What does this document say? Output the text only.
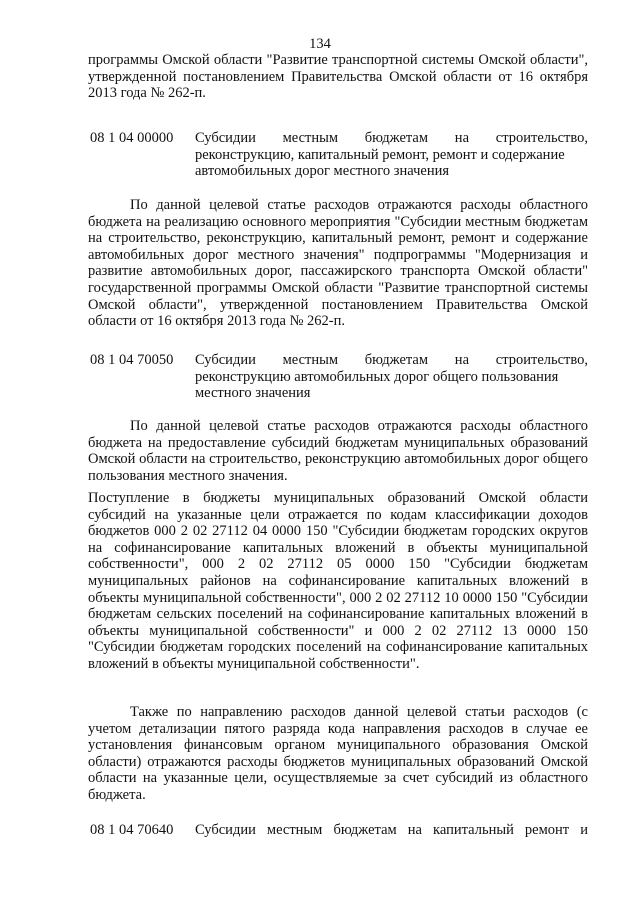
134
программы Омской области "Развитие транспортной системы Омской области", утвержденной постановлением Правительства Омской области от 16 октября 2013 года № 262-п.
08 1 04 00000 Субсидии местным бюджетам на строительство,
реконструкцию, капитальный ремонт, ремонт и содержание автомобильных дорог местного значения
По данной целевой статье расходов отражаются расходы областного бюджета на реализацию основного мероприятия "Субсидии местным бюджетам на строительство, реконструкцию, капитальный ремонт, ремонт и содержание автомобильных дорог местного значения" подпрограммы "Модернизация и развитие автомобильных дорог, пассажирского транспорта Омской области" государственной программы Омской области "Развитие транспортной системы Омской области", утвержденной постановлением Правительства Омской области от 16 октября 2013 года № 262-п.
08 1 04 70050 Субсидии местным бюджетам на строительство,
реконструкцию автомобильных дорог общего пользования местного значения
По данной целевой статье расходов отражаются расходы областного бюджета на предоставление субсидий бюджетам муниципальных образований Омской области на строительство, реконструкцию автомобильных дорог общего пользования местного значения.
Поступление в бюджеты муниципальных образований Омской области субсидий на указанные цели отражается по кодам классификации доходов бюджетов 000 2 02 27112 04 0000 150 "Субсидии бюджетам городских округов на софинансирование капитальных вложений в объекты муниципальной собственности", 000 2 02 27112 05 0000 150 "Субсидии бюджетам муниципальных районов на софинансирование капитальных вложений в объекты муниципальной собственности", 000 2 02 27112 10 0000 150 "Субсидии бюджетам сельских поселений на софинансирование капитальных вложений в объекты муниципальной собственности" и 000 2 02 27112 13 0000 150 "Субсидии бюджетам городских поселений на софинансирование капитальных вложений в объекты муниципальной собственности".
Также по направлению расходов данной целевой статьи расходов (с учетом детализации пятого разряда кода направления расходов в случае ее установления финансовым органом муниципального образования Омской области) отражаются расходы бюджетов муниципальных образований Омской области на указанные цели, осуществляемые за счет субсидий из областного бюджета.
08 1 04 70640 Субсидии местным бюджетам на капитальный ремонт и
